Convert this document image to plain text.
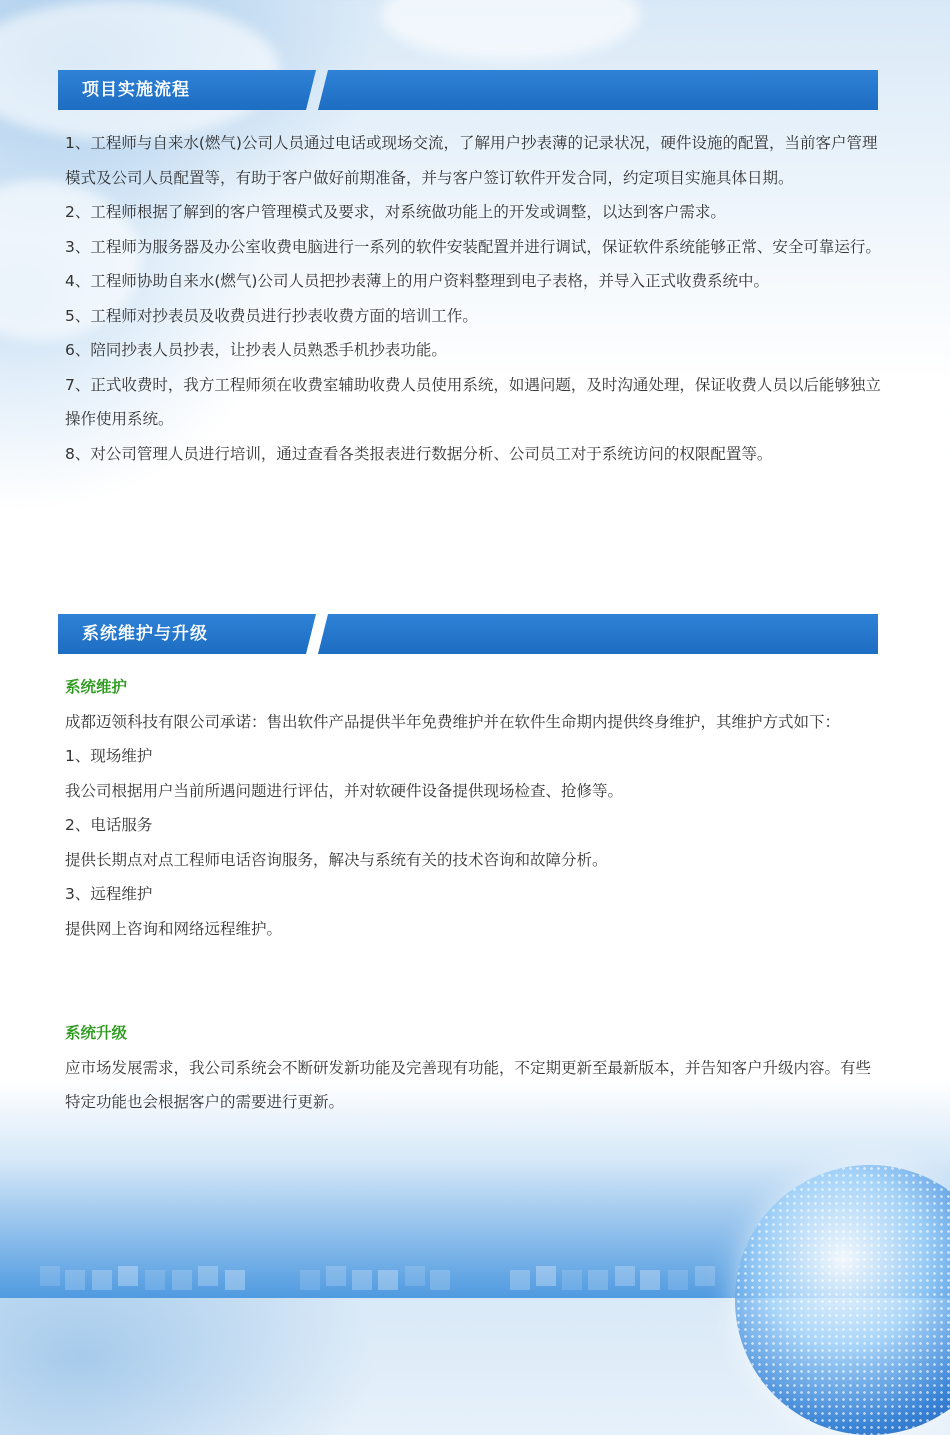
项目实施流程

1、工程师与自来水(燃气)公司人员通过电话或现场交流，了解用户抄表薄的记录状况，硬件设施的配置，当前客户管理模式及公司人员配置等，有助于客户做好前期准备，并与客户签订软件开发合同，约定项目实施具体日期。

2、工程师根据了解到的客户管理模式及要求，对系统做功能上的开发或调整，以达到客户需求。

3、工程师为服务器及办公室收费电脑进行一系列的软件安装配置并进行调试，保证软件系统能够正常、安全可靠运行。

4、工程师协助自来水(燃气)公司人员把抄表薄上的用户资料整理到电子表格，并导入正式收费系统中。

5、工程师对抄表员及收费员进行抄表收费方面的培训工作。

6、陪同抄表人员抄表，让抄表人员熟悉手机抄表功能。

7、正式收费时，我方工程师须在收费室辅助收费人员使用系统，如遇问题，及时沟通处理，保证收费人员以后能够独立操作使用系统。

8、对公司管理人员进行培训，通过查看各类报表进行数据分析、公司员工对于系统访问的权限配置等。

系统维护与升级

系统维护

成都迈领科技有限公司承诺：售出软件产品提供半年免费维护并在软件生命期内提供终身维护，其维护方式如下：

1、现场维护

我公司根据用户当前所遇问题进行评估，并对软硬件设备提供现场检查、抢修等。

2、电话服务

提供长期点对点工程师电话咨询服务，解决与系统有关的技术咨询和故障分析。

3、远程维护

提供网上咨询和网络远程维护。

系统升级

应市场发展需求，我公司系统会不断研发新功能及完善现有功能，不定期更新至最新版本，并告知客户升级内容。有些特定功能也会根据客户的需要进行更新。
